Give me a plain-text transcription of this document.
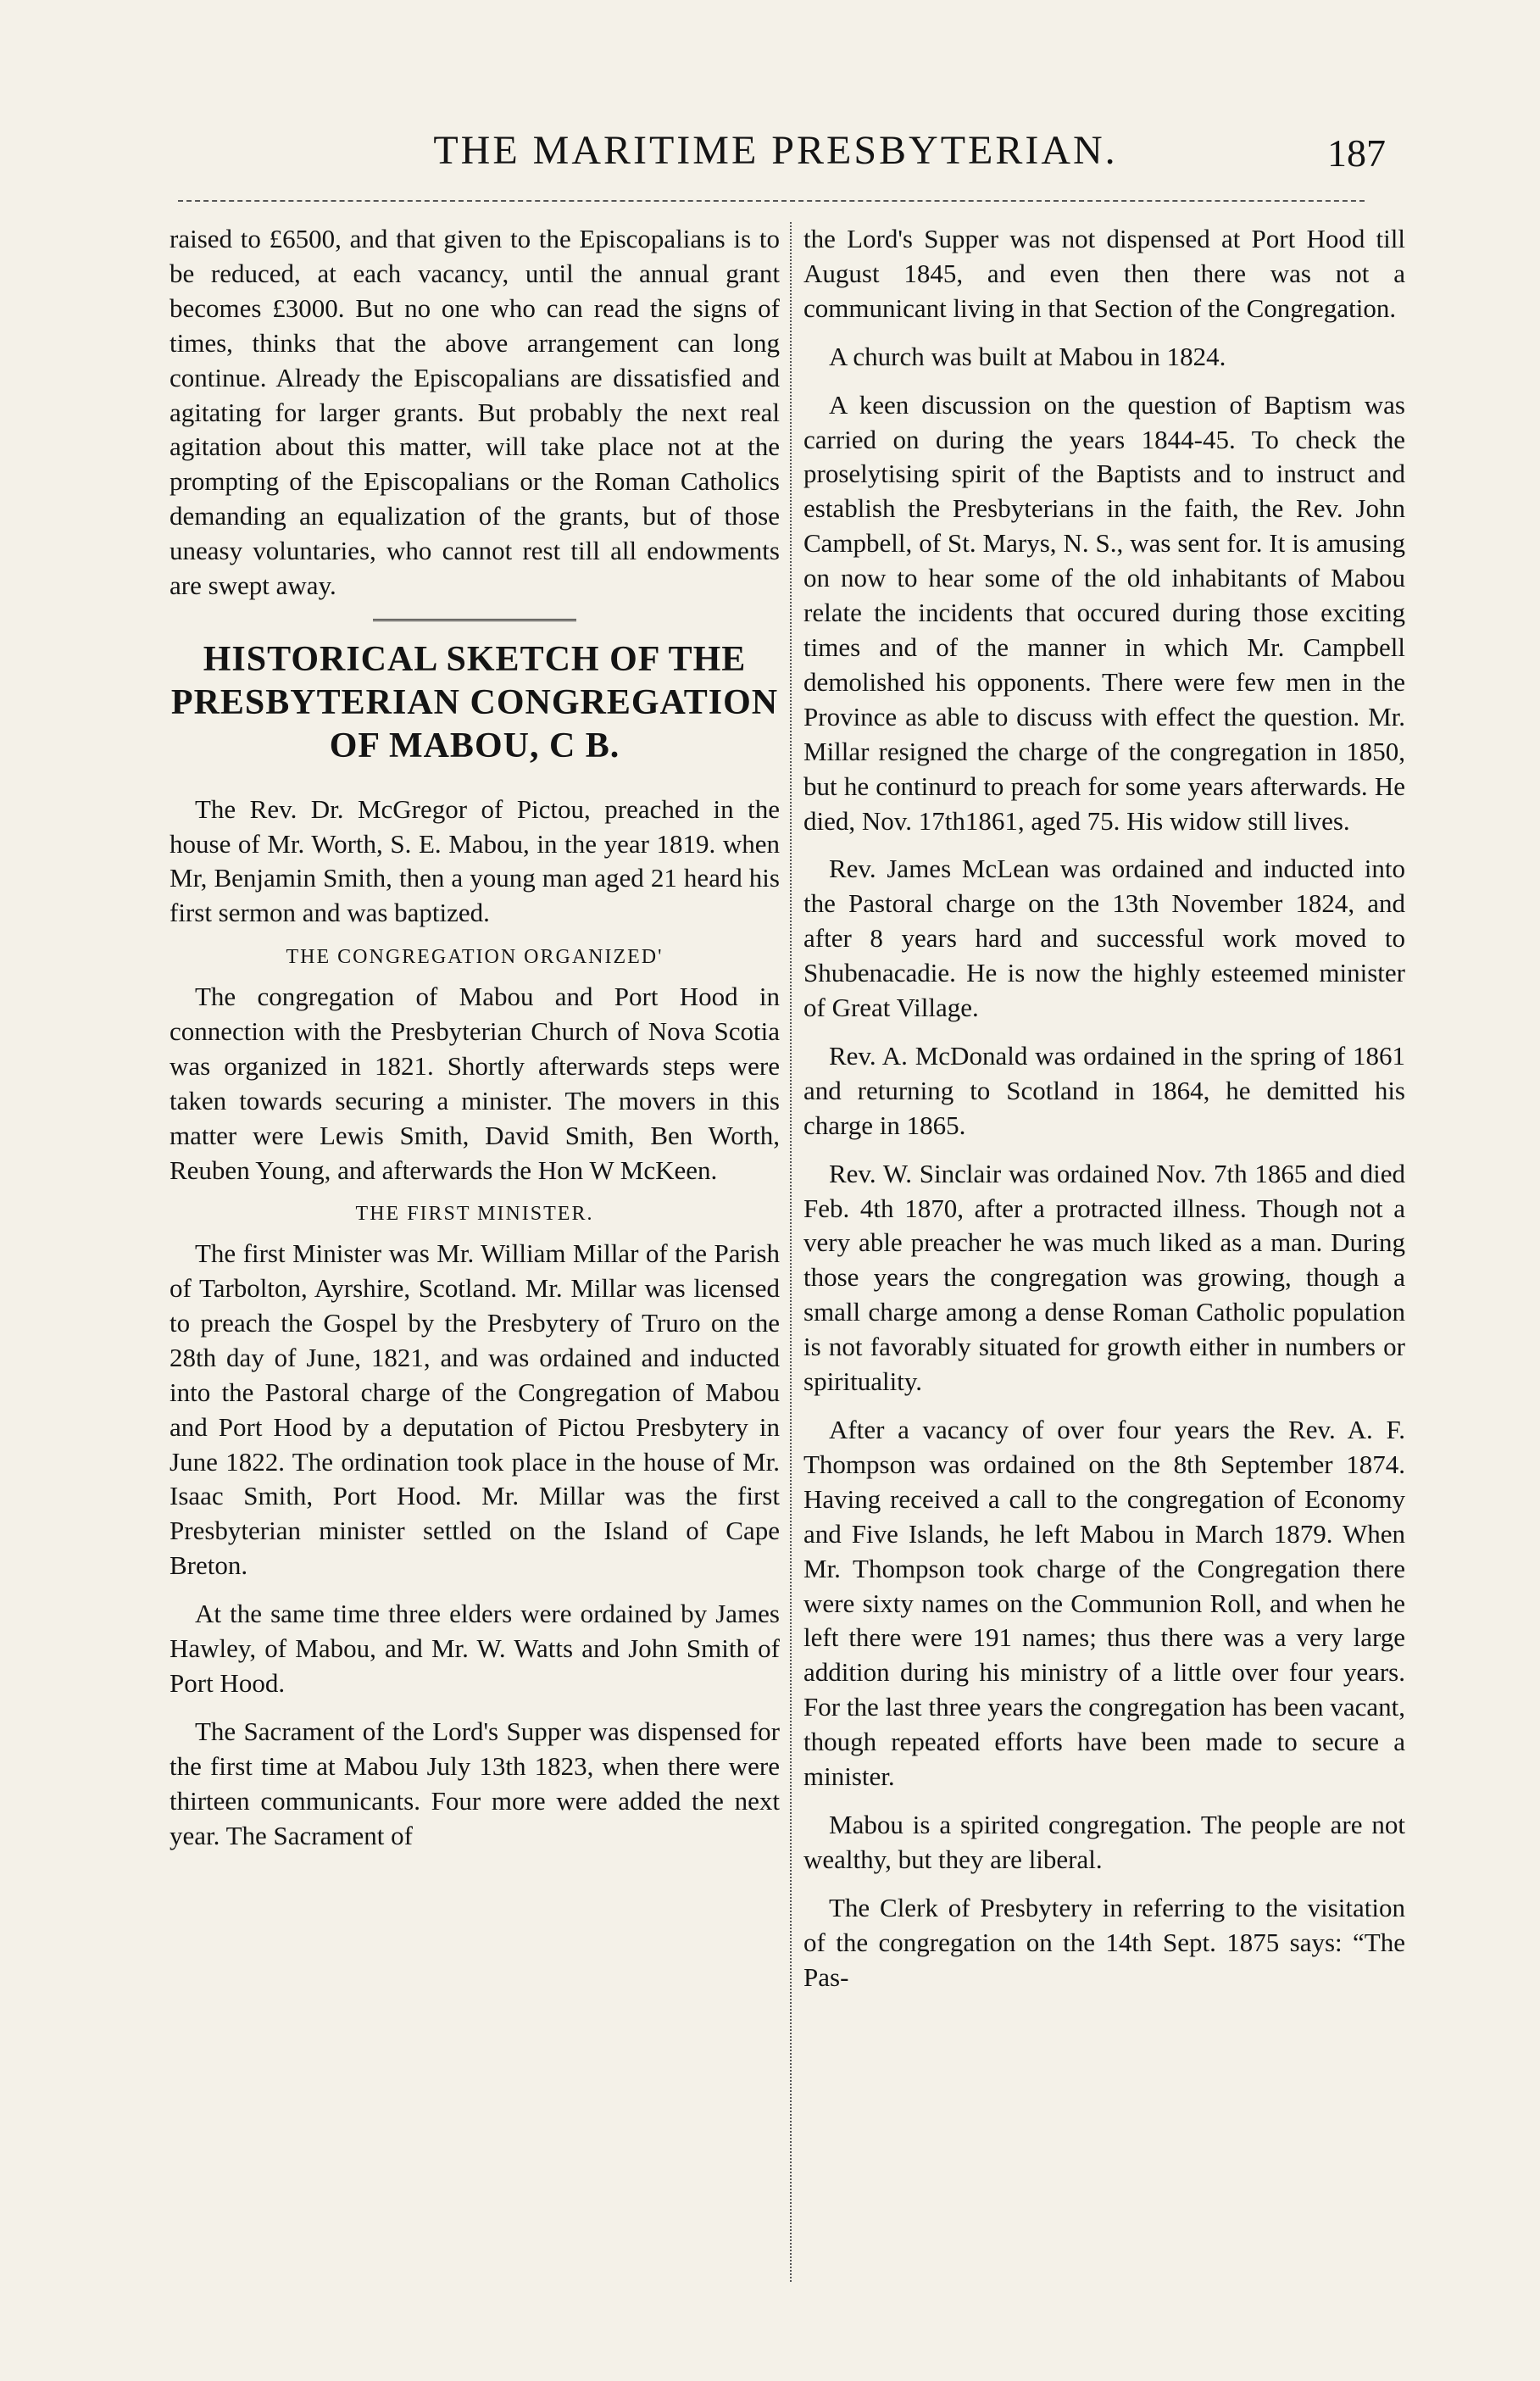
THE MARITIME PRESBYTERIAN.	187

raised to £6500, and that given to the Episcopalians is to be reduced, at each vacancy, until the annual grant becomes £3000. But no one who can read the signs of times, thinks that the above arrangement can long continue. Already the Episcopalians are dissatisfied and agitating for larger grants. But probably the next real agitation about this matter, will take place not at the prompting of the Episcopalians or the Roman Catholics demanding an equalization of the grants, but of those uneasy voluntaries, who cannot rest till all endowments are swept away.

HISTORICAL SKETCH OF THE PRESBYTERIAN CONGREGATION OF MABOU, C B.

The Rev. Dr. McGregor of Pictou, preached in the house of Mr. Worth, S. E. Mabou, in the year 1819. when Mr, Benjamin Smith, then a young man aged 21 heard his first sermon and was baptized.

THE CONGREGATION ORGANIZED'

The congregation of Mabou and Port Hood in connection with the Presbyterian Church of Nova Scotia was organized in 1821. Shortly afterwards steps were taken towards securing a minister. The movers in this matter were Lewis Smith, David Smith, Ben Worth, Reuben Young, and afterwards the Hon W McKeen.

THE FIRST MINISTER.

The first Minister was Mr. William Millar of the Parish of Tarbolton, Ayrshire, Scotland. Mr. Millar was licensed to preach the Gospel by the Presbytery of Truro on the 28th day of June, 1821, and was ordained and inducted into the Pastoral charge of the Congregation of Mabou and Port Hood by a deputation of Pictou Presbytery in June 1822. The ordination took place in the house of Mr. Isaac Smith, Port Hood. Mr. Millar was the first Presbyterian minister settled on the Island of Cape Breton.

At the same time three elders were ordained by James Hawley, of Mabou, and Mr. W. Watts and John Smith of Port Hood.

The Sacrament of the Lord's Supper was dispensed for the first time at Mabou July 13th 1823, when there were thirteen communicants. Four more were added the next year. The Sacrament of

the Lord's Supper was not dispensed at Port Hood till August 1845, and even then there was not a communicant living in that Section of the Congregation.

A church was built at Mabou in 1824.

A keen discussion on the question of Baptism was carried on during the years 1844-45. To check the proselytising spirit of the Baptists and to instruct and establish the Presbyterians in the faith, the Rev. John Campbell, of St. Marys, N. S., was sent for. It is amusing on now to hear some of the old inhabitants of Mabou relate the incidents that occured during those exciting times and of the manner in which Mr. Campbell demolished his opponents. There were few men in the Province as able to discuss with effect the question. Mr. Millar resigned the charge of the congregation in 1850, but he continurd to preach for some years afterwards. He died, Nov. 17th1861, aged 75. His widow still lives.

Rev. James McLean was ordained and inducted into the Pastoral charge on the 13th November 1824, and after 8 years hard and successful work moved to Shubenacadie. He is now the highly esteemed minister of Great Village.

Rev. A. McDonald was ordained in the spring of 1861 and returning to Scotland in 1864, he demitted his charge in 1865.

Rev. W. Sinclair was ordained Nov. 7th 1865 and died Feb. 4th 1870, after a protracted illness. Though not a very able preacher he was much liked as a man. During those years the congregation was growing, though a small charge among a dense Roman Catholic population is not favorably situated for growth either in numbers or spirituality.

After a vacancy of over four years the Rev. A. F. Thompson was ordained on the 8th September 1874. Having received a call to the congregation of Economy and Five Islands, he left Mabou in March 1879. When Mr. Thompson took charge of the Congregation there were sixty names on the Communion Roll, and when he left there were 191 names; thus there was a very large addition during his ministry of a little over four years. For the last three years the congregation has been vacant, though repeated efforts have been made to secure a minister.

Mabou is a spirited congregation. The people are not wealthy, but they are liberal.

The Clerk of Presbytery in referring to the visitation of the congregation on the 14th Sept. 1875 says: “The Pas-
